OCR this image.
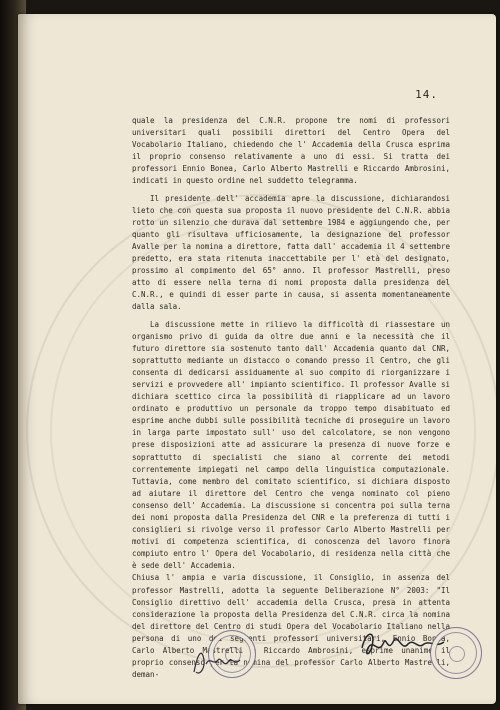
14.

quale la presidenza del C.N.R. propone tre nomi di professori universitari quali possibili direttori del Centro Opera del Vocabolario Italiano, chiedendo che l' Accademia della Crusca esprima il proprio consenso relativamente a uno di essi. Si tratta dei professori Ennio Bonea, Carlo Alberto Mastrelli e Riccardo Ambrosini, indicati in questo ordine nel suddetto telegramma.

Il presidente dell' accademia apre la discussione, dichiarandosi lieto che con questa sua proposta il nuovo presidente del C.N.R. abbia rotto un silenzio che durava dal settembre 1984 e aggiungendo che, per quanto gli risultava ufficiosamente, la designazione del professor Avalle per la nomina a direttore, fatta dall' accademia il 4 settembre predetto, era stata ritenuta inaccettabile per l' età del designato, prossimo al compimento del 65° anno. Il professor Mastrelli, preso atto di essere nella terna di nomi proposta dalla presidenza del C.N.R., e quindi di esser parte in causa, si assenta momentaneamente dalla sala.

La discussione mette in rilievo la difficoltà di riassestare un organismo privo di guida da oltre due anni e la necessità che il futuro direttore sia sostenuto tanto dall' Accademia quanto dal CNR, soprattutto mediante un distacco o comando presso il Centro, che gli consenta di dedicarsi assiduamente al suo compito di riorganizzare i servizi e provvedere all' impianto scientifico. Il professor Avalle si dichiara scettico circa la possibilità di riapplicare ad un lavoro ordinato e produttivo un personale da troppo tempo disabituato ed esprime anche dubbi sulle possibilità tecniche di proseguire un lavoro in larga parte impostato sull' uso del calcolatore, se non vengono prese disposizioni atte ad assicurare la presenza di nuove forze e soprattutto di specialisti che siano al corrente dei metodi correntemente impiegati nel campo della linguistica computazionale. Tuttavia, come membro del comitato scientifico, si dichiara disposto ad aiutare il direttore del Centro che venga nominato col pieno consenso dell' Accademia. La discussione si concentra poi sulla terna dei nomi proposta dalla Presidenza del CNR e la preferenza di tutti i consiglieri si rivolge verso il professor Carlo Alberto Mastrelli per motivi di competenza scientifica, di conoscenza del lavoro finora compiuto entro l' Opera del Vocabolario, di residenza nella città che è sede dell' Accademia.

Chiusa l' ampia e varia discussione, il Consiglio, in assenza del professor Mastrelli, adotta la seguente Deliberazione N° 2003: "Il Consiglio direttivo dell' accademia della Crusca, presa in attenta considerazione la proposta della Presidenza del C.N.R. circa la nomina del direttore del Centro di studi Opera del Vocabolario Italiano nella persona di uno dei seguenti professori universitari, Ennio Bonea, Carlo Alberto Mastrelli e Riccardo Ambrosini, esprime unanime il proprio consenso per la nomina del professor Carlo Alberto Mastrelli, deman-
